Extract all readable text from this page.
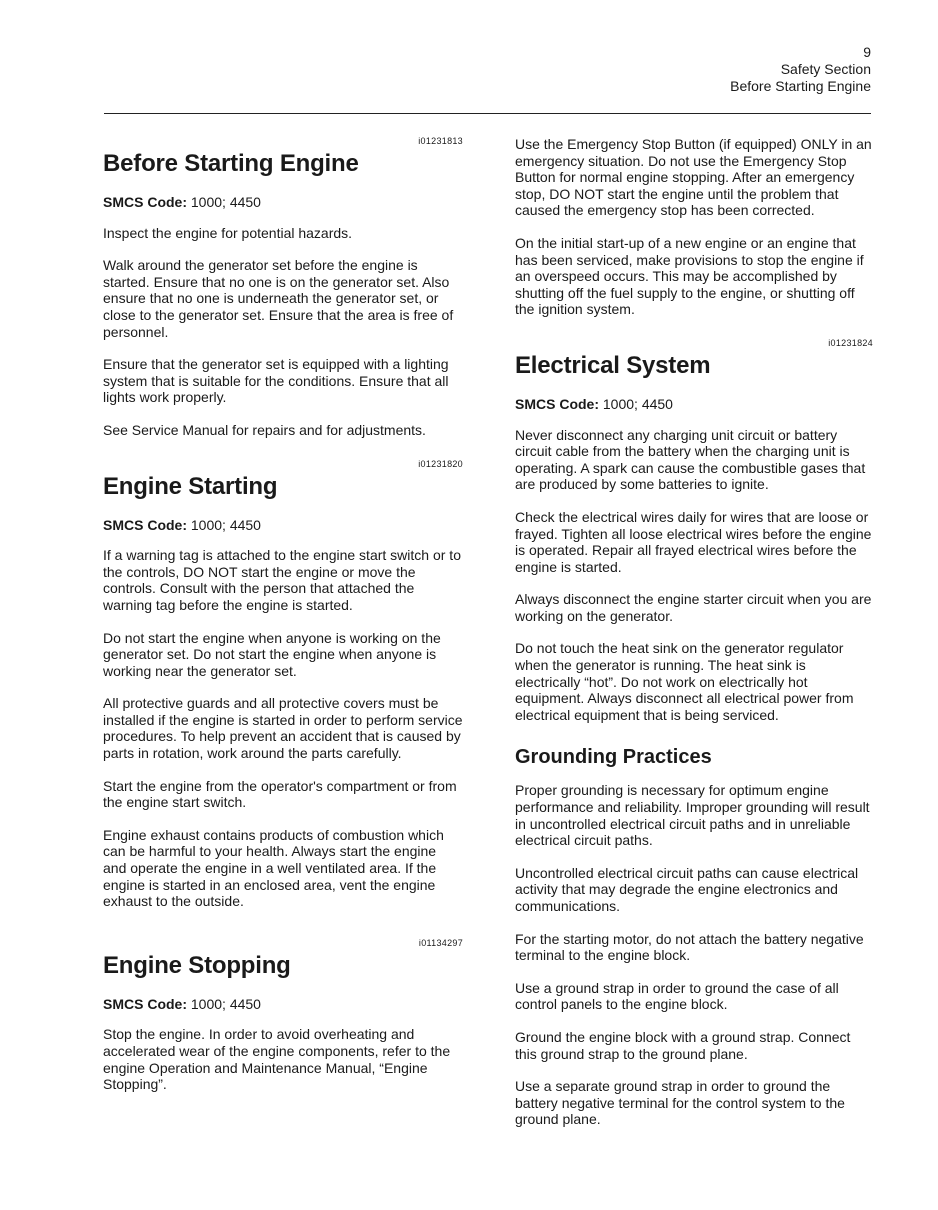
9
Safety Section
Before Starting Engine
i01231813
Before Starting Engine

SMCS Code: 1000; 4450

Inspect the engine for potential hazards.

Walk around the generator set before the engine is started. Ensure that no one is on the generator set. Also ensure that no one is underneath the generator set, or close to the generator set. Ensure that the area is free of personnel.

Ensure that the generator set is equipped with a lighting system that is suitable for the conditions. Ensure that all lights work properly.

See Service Manual for repairs and for adjustments.

i01231820
Engine Starting

SMCS Code: 1000; 4450

If a warning tag is attached to the engine start switch or to the controls, DO NOT start the engine or move the controls. Consult with the person that attached the warning tag before the engine is started.

Do not start the engine when anyone is working on the generator set. Do not start the engine when anyone is working near the generator set.

All protective guards and all protective covers must be installed if the engine is started in order to perform service procedures. To help prevent an accident that is caused by parts in rotation, work around the parts carefully.

Start the engine from the operator's compartment or from the engine start switch.

Engine exhaust contains products of combustion which can be harmful to your health. Always start the engine and operate the engine in a well ventilated area. If the engine is started in an enclosed area, vent the engine exhaust to the outside.

i01134297
Engine Stopping

SMCS Code: 1000; 4450

Stop the engine. In order to avoid overheating and accelerated wear of the engine components, refer to the engine Operation and Maintenance Manual, “Engine Stopping”.

Use the Emergency Stop Button (if equipped) ONLY in an emergency situation. Do not use the Emergency Stop Button for normal engine stopping. After an emergency stop, DO NOT start the engine until the problem that caused the emergency stop has been corrected.

On the initial start-up of a new engine or an engine that has been serviced, make provisions to stop the engine if an overspeed occurs. This may be accomplished by shutting off the fuel supply to the engine, or shutting off the ignition system.

i01231824
Electrical System

SMCS Code: 1000; 4450

Never disconnect any charging unit circuit or battery circuit cable from the battery when the charging unit is operating. A spark can cause the combustible gases that are produced by some batteries to ignite.

Check the electrical wires daily for wires that are loose or frayed. Tighten all loose electrical wires before the engine is operated. Repair all frayed electrical wires before the engine is started.

Always disconnect the engine starter circuit when you are working on the generator.

Do not touch the heat sink on the generator regulator when the generator is running. The heat sink is electrically “hot”. Do not work on electrically hot equipment. Always disconnect all electrical power from electrical equipment that is being serviced.

Grounding Practices

Proper grounding is necessary for optimum engine performance and reliability. Improper grounding will result in uncontrolled electrical circuit paths and in unreliable electrical circuit paths.

Uncontrolled electrical circuit paths can cause electrical activity that may degrade the engine electronics and communications.

For the starting motor, do not attach the battery negative terminal to the engine block.

Use a ground strap in order to ground the case of all control panels to the engine block.

Ground the engine block with a ground strap. Connect this ground strap to the ground plane.

Use a separate ground strap in order to ground the battery negative terminal for the control system to the ground plane.
